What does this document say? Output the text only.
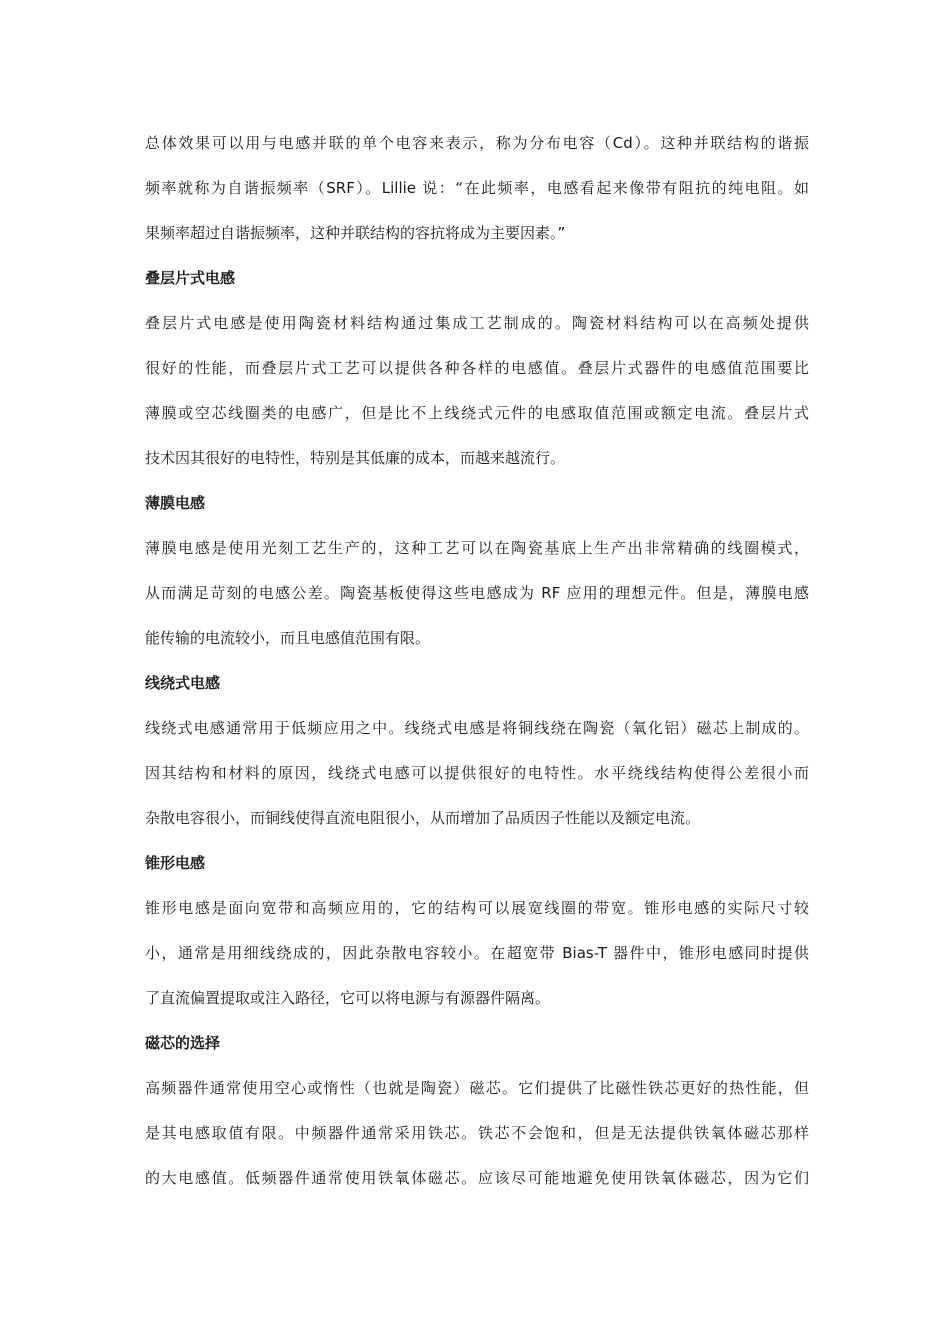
总体效果可以用与电感并联的单个电容来表示，称为分布电容（Cd）。这种并联结构的谐振
频率就称为自谐振频率（SRF）。Lillie 说：“在此频率，电感看起来像带有阻抗的纯电阻。如
果频率超过自谐振频率，这种并联结构的容抗将成为主要因素。”

叠层片式电感

叠层片式电感是使用陶瓷材料结构通过集成工艺制成的。陶瓷材料结构可以在高频处提供
很好的性能，而叠层片式工艺可以提供各种各样的电感值。叠层片式器件的电感值范围要比
薄膜或空芯线圈类的电感广，但是比不上线绕式元件的电感取值范围或额定电流。叠层片式
技术因其很好的电特性，特别是其低廉的成本，而越来越流行。

薄膜电感

薄膜电感是使用光刻工艺生产的，这种工艺可以在陶瓷基底上生产出非常精确的线圈模式，
从而满足苛刻的电感公差。陶瓷基板使得这些电感成为 RF 应用的理想元件。但是，薄膜电感
能传输的电流较小，而且电感值范围有限。

线绕式电感

线绕式电感通常用于低频应用之中。线绕式电感是将铜线绕在陶瓷（氧化铝）磁芯上制成的。
因其结构和材料的原因，线绕式电感可以提供很好的电特性。水平绕线结构使得公差很小而
杂散电容很小，而铜线使得直流电阻很小，从而增加了品质因子性能以及额定电流。

锥形电感

锥形电感是面向宽带和高频应用的，它的结构可以展宽线圈的带宽。锥形电感的实际尺寸较
小，通常是用细线绕成的，因此杂散电容较小。在超宽带 Bias-T 器件中，锥形电感同时提供
了直流偏置提取或注入路径，它可以将电源与有源器件隔离。

磁芯的选择

高频器件通常使用空心或惰性（也就是陶瓷）磁芯。它们提供了比磁性铁芯更好的热性能，但
是其电感取值有限。中频器件通常采用铁芯。铁芯不会饱和，但是无法提供铁氧体磁芯那样
的大电感值。低频器件通常使用铁氧体磁芯。应该尽可能地避免使用铁氧体磁芯，因为它们
